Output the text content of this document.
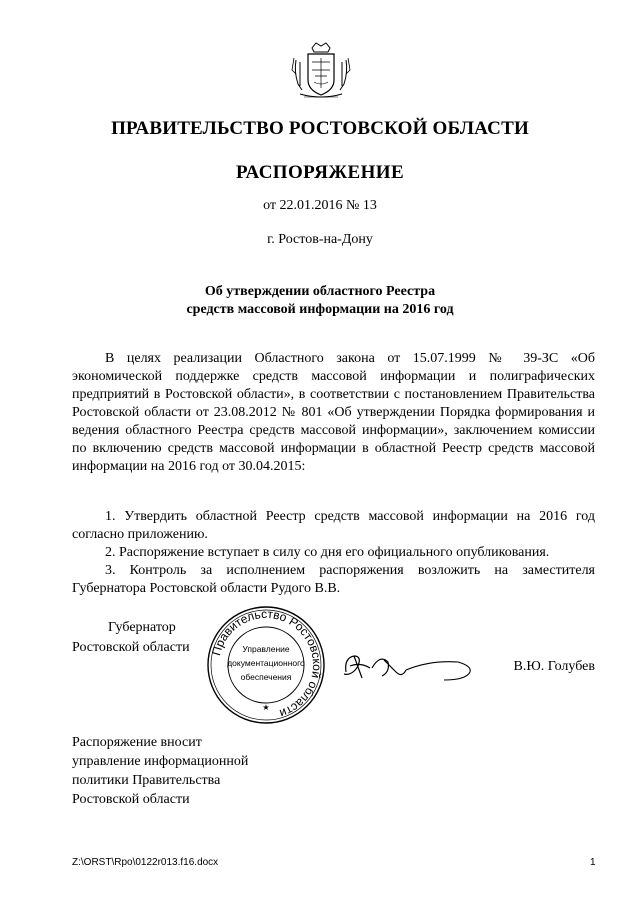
ПРАВИТЕЛЬСТВО РОСТОВСКОЙ ОБЛАСТИ
РАСПОРЯЖЕНИЕ
от 22.01.2016 № 13
г. Ростов-на-Дону
Об утверждении областного Реестра
средств массовой информации на 2016 год
В целях реализации Областного закона от 15.07.1999 № 39-ЗС «Об экономической поддержке средств массовой информации и полиграфических предприятий в Ростовской области», в соответствии с постановлением Правительства Ростовской области от 23.08.2012 № 801 «Об утверждении Порядка формирования и ведения областного Реестра средств массовой информации», заключением комиссии по включению средств массовой информации в областной Реестр средств массовой информации на 2016 год от 30.04.2015:

1. Утвердить областной Реестр средств массовой информации на 2016 год согласно приложению.

2. Распоряжение вступает в силу со дня его официального опубликования.

3. Контроль за исполнением распоряжения возложить на заместителя Губернатора Ростовской области Рудого В.В.

Губернатор
Ростовской области	Правительство Ростовской области
Управление
документационного
обеспечения
★
В.Ю. Голубев
Распоряжение вносит
управление информационной
политики Правительства
Ростовской области
Z:\ORST\Rpo\0122r013.f16.docx	1
